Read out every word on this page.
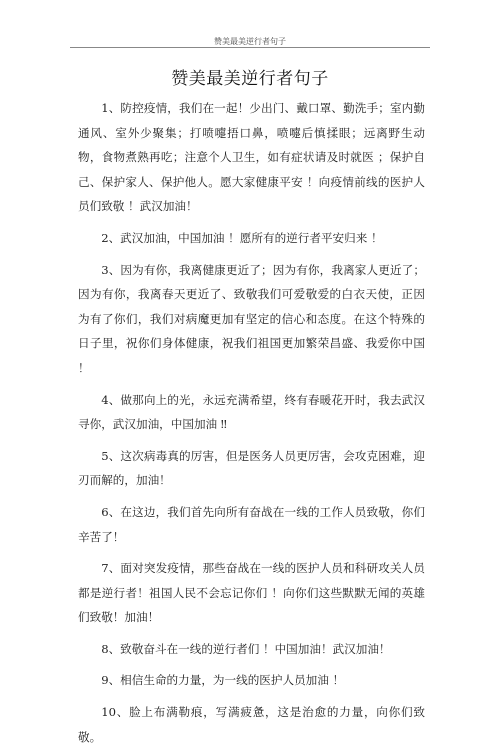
赞美最美逆行者句子
赞美最美逆行者句子

1、防控疫情，我们在一起！少出门、戴口罩、勤洗手；室内勤通风、室外少聚集；打喷嚏捂口鼻，喷嚏后慎揉眼；远离野生动物，食物煮熟再吃；注意个人卫生，如有症状请及时就医 ；保护自己、保护家人、保护他人。愿大家健康平安 ！向疫情前线的医护人员们致敬 ！武汉加油！

2、武汉加油，中国加油 ！愿所有的逆行者平安归来 ！

3、因为有你，我离健康更近了；因为有你，我离家人更近了；因为有你，我离春天更近了、致敬我们可爱敬爱的白衣天使，正因为有了你们，我们对病魔更加有坚定的信心和态度。在这个特殊的日子里，祝你们身体健康，祝我们祖国更加繁荣昌盛、我爱你中国 ！

4、做那向上的光，永远充满希望，终有春暖花开时，我去武汉寻你，武汉加油，中国加油 ‼

5、这次病毒真的厉害，但是医务人员更厉害，会攻克困难，迎刃而解的，加油！

6、在这边，我们首先向所有奋战在一线的工作人员致敬，你们辛苦了！

7、面对突发疫情，那些奋战在一线的医护人员和科研攻关人员都是逆行者！祖国人民不会忘记你们 ！向你们这些默默无闻的英雄们致敬！加油！

8、致敬奋斗在一线的逆行者们 ！中国加油！武汉加油！

9、相信生命的力量，为一线的医护人员加油 ！

10、脸上布满勒痕，写满疲惫，这是治愈的力量，向你们致敬。
